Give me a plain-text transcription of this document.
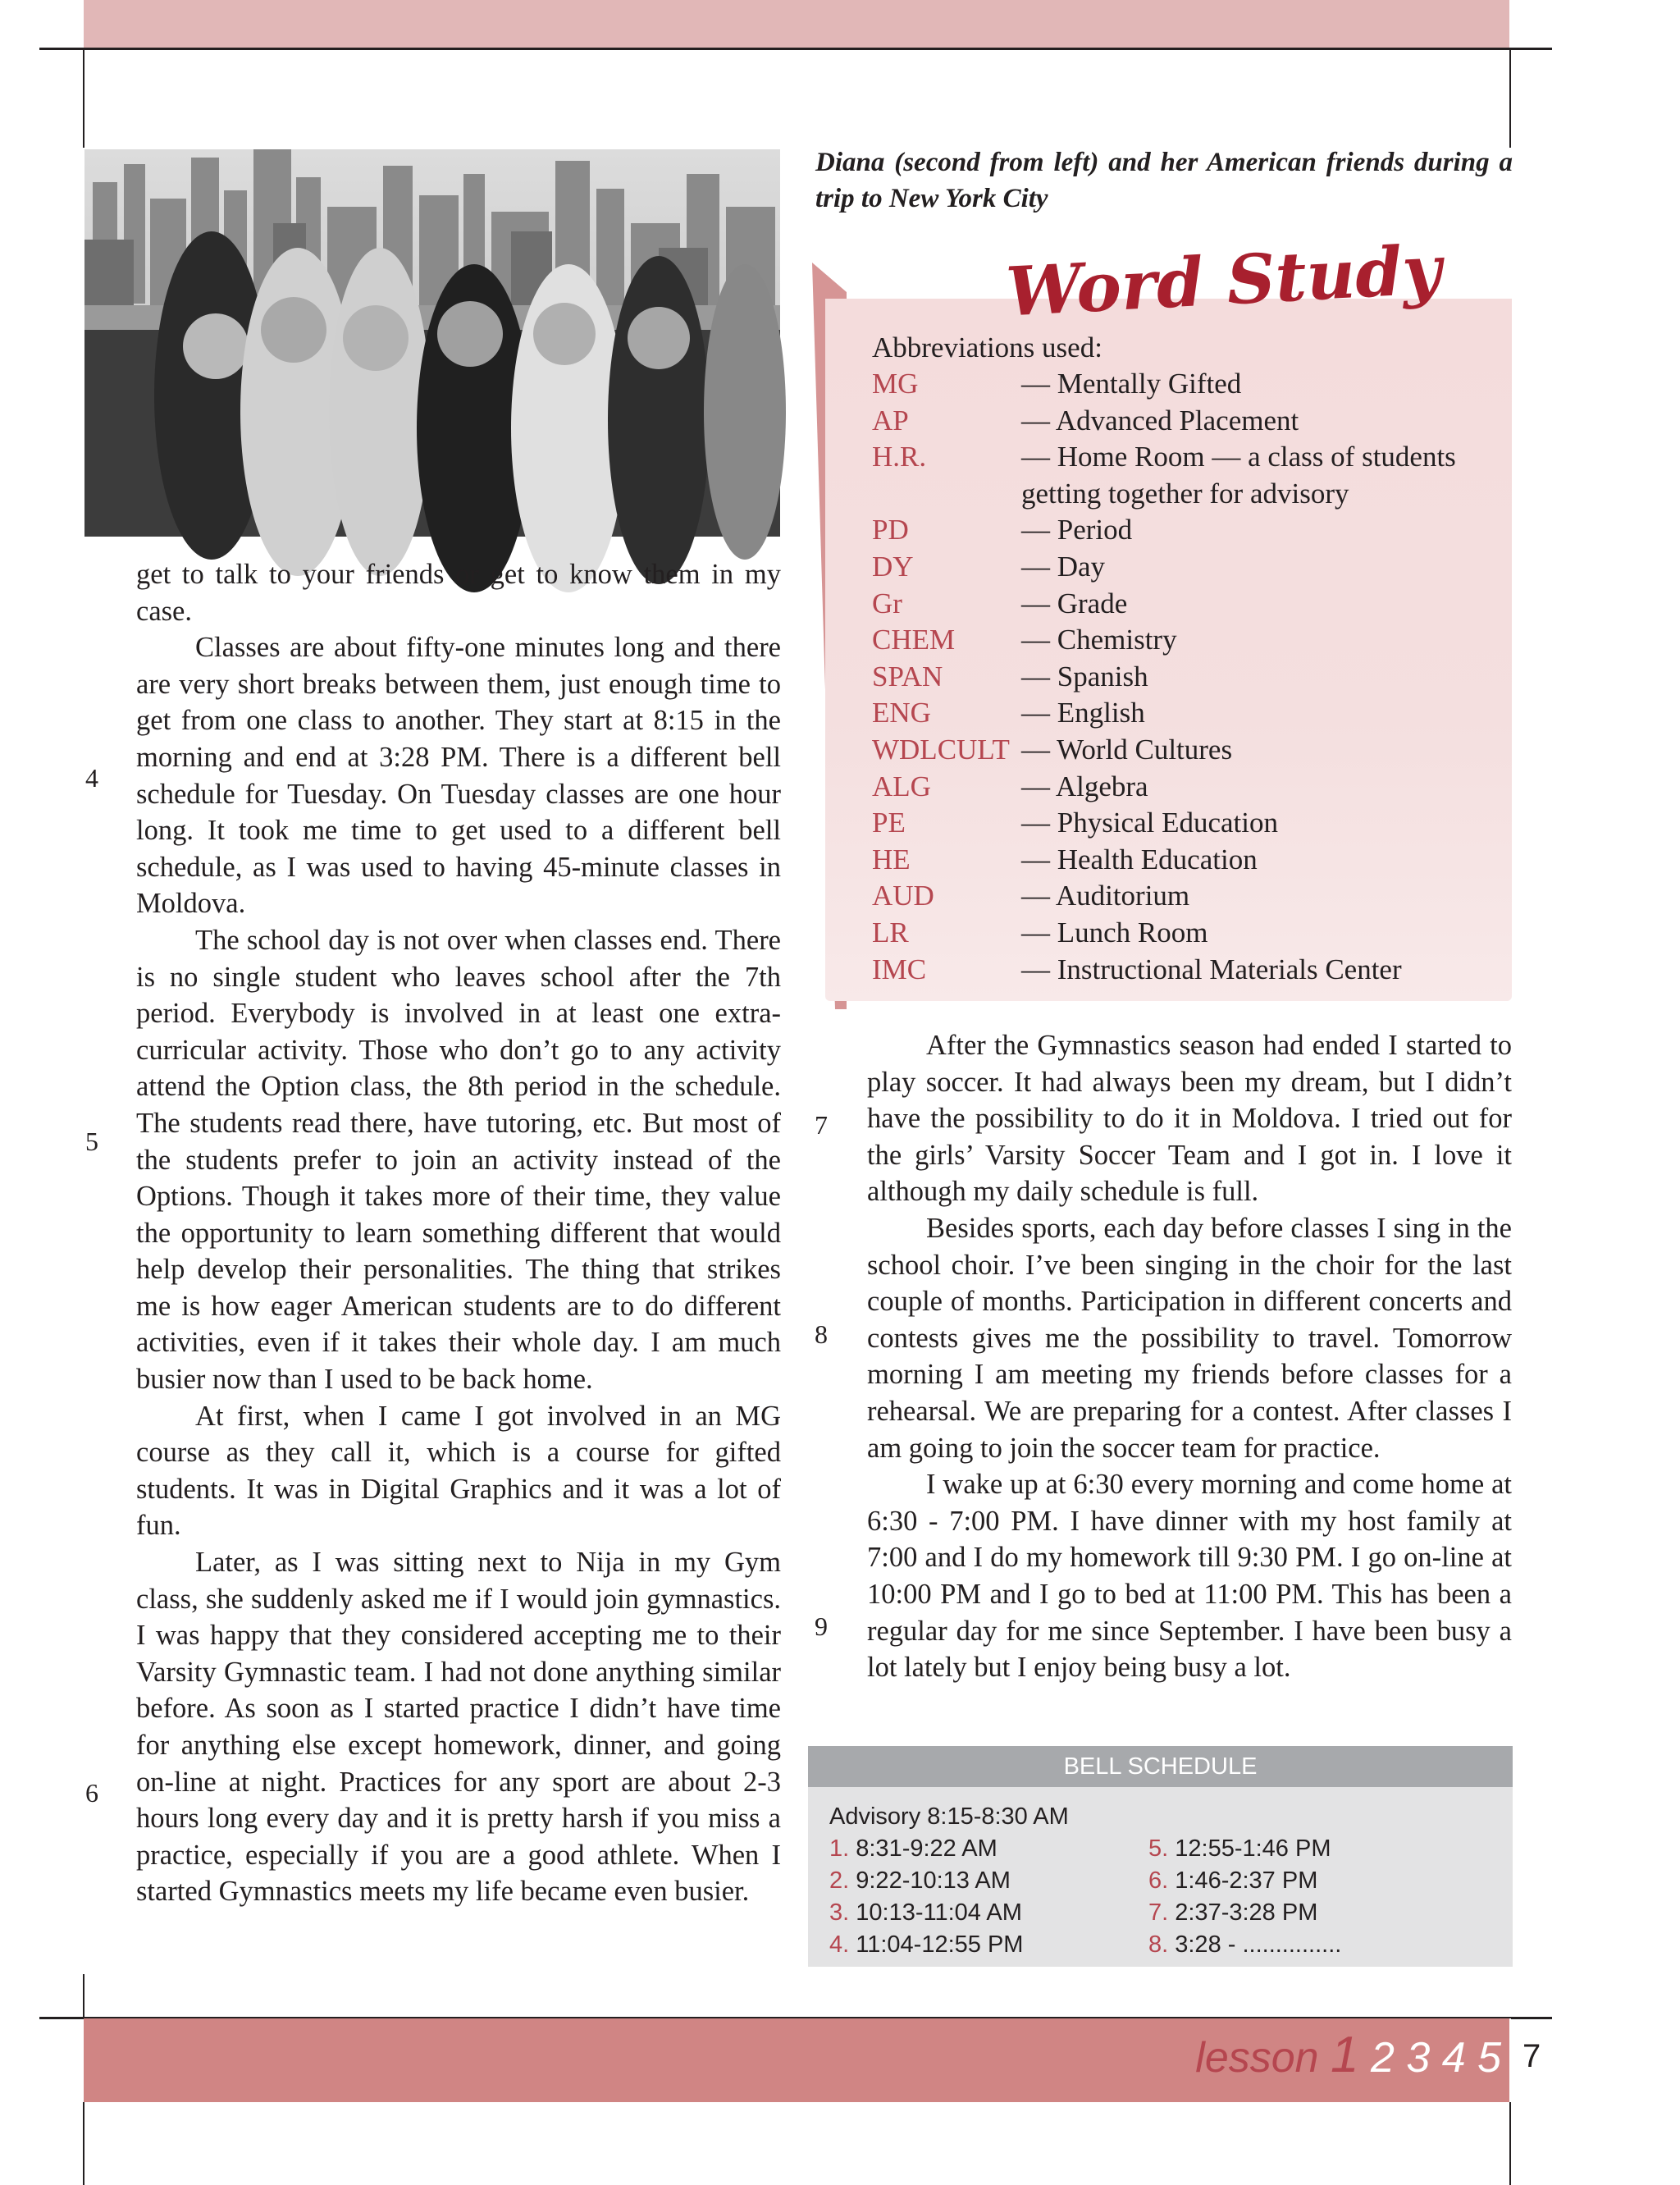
Diana (second from left) and her American friends during a trip to New York City

Word Study
Abbreviations used:
MG	— Mentally Gifted
AP	— Advanced Placement
H.R.	— Home Room — a class of students getting together for advisory
PD	— Period
DY	— Day
Gr	— Grade
CHEM	— Chemistry
SPAN	— Spanish
ENG	— English
WDLCULT — World Cultures
ALG	— Algebra
PE	— Physical Education
HE	— Health Education
AUD	— Auditorium
LR	— Lunch Room
IMC	— Instructional Materials Center

get to talk to your friends or get to know them in my case.

Classes are about fifty-one minutes long and there are very short breaks between them, just enough time to get from one class to another. They start at 8:15 in the morning and end at 3:28 PM. There is a different bell schedule for Tuesday. On Tuesday classes are one hour long. It took me time to get used to a different bell schedule, as I was used to having 45-minute classes in Moldova.

The school day is not over when classes end. There is no single student who leaves school after the 7th period. Everybody is involved in at least one extra-curricular activity. Those who don’t go to any activity attend the Option class, the 8th period in the schedule. The students read there, have tutoring, etc. But most of the students prefer to join an activity instead of the Options. Though it takes more of their time, they value the opportunity to learn something different that would help develop their personalities. The thing that strikes me is how eager American students are to do different activities, even if it takes their whole day. I am much busier now than I used to be back home.

At first, when I came I got involved in an MG course as they call it, which is a course for gifted students. It was in Digital Graphics and it was a lot of fun.

Later, as I was sitting next to Nija in my Gym class, she suddenly asked me if I would join gymnastics. I was happy that they considered accepting me to their Varsity Gymnastic team. I had not done anything similar before. As soon as I started practice I didn’t have time for anything else except homework, dinner, and going on-line at night. Practices for any sport are about 2-3 hours long every day and it is pretty harsh if you miss a practice, especially if you are a good athlete. When I started Gymnastics meets my life became even busier.

After the Gymnastics season had ended I started to play soccer. It had always been my dream, but I didn’t have the possibility to do it in Moldova. I tried out for the girls’ Varsity Soccer Team and I got in. I love it although my daily schedule is full.

Besides sports, each day before classes I sing in the school choir. I’ve been singing in the choir for the last couple of months. Participation in different concerts and contests gives me the possibility to travel. Tomorrow morning I am meeting my friends before classes for a rehearsal. We are preparing for a contest. After classes I am going to join the soccer team for practice.

I wake up at 6:30 every morning and come home at 6:30 - 7:00 PM. I have dinner with my host family at 7:00 and I do my homework till 9:30 PM. I go on-line at 10:00 PM and I go to bed at 11:00 PM. This has been a regular day for me since September. I have been busy a lot lately but I enjoy being busy a lot.

4
5
6
7
8
9
BELL SCHEDULE
Advisory 8:15-8:30 AM
1. 8:31-9:22 AM
2. 9:22-10:13 AM
3. 10:13-11:04 AM
4. 11:04-12:55 PM
5. 12:55-1:46 PM
6. 1:46-2:37 PM
7. 2:37-3:28 PM
8. 3:28 - ...............
lesson 1 2 3 4 5 7
